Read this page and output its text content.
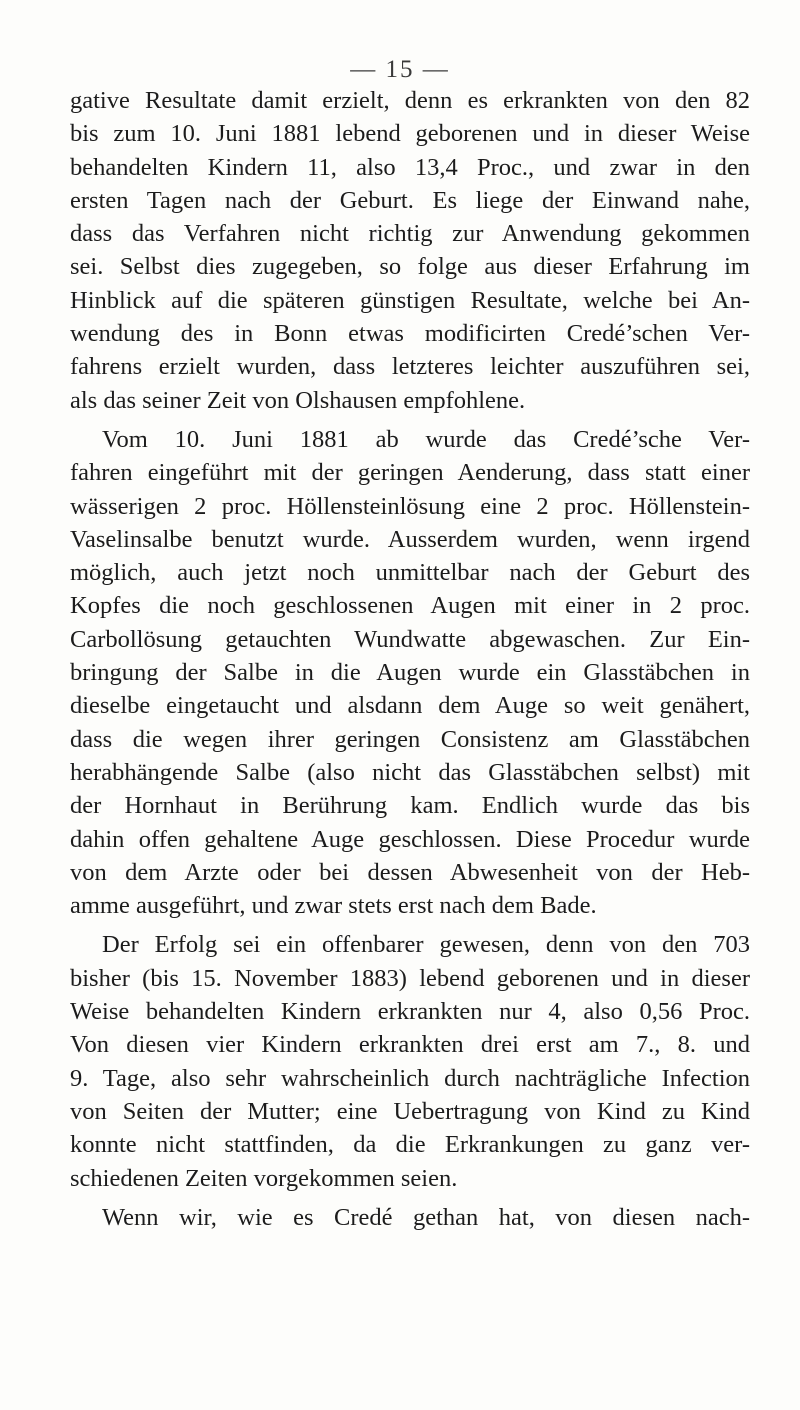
— 15 —
gative Resultate damit erzielt, denn es erkrankten von den 82
bis zum 10. Juni 1881 lebend geborenen und in dieser Weise
behandelten Kindern 11, also 13,4 Proc., und zwar in den
ersten Tagen nach der Geburt. Es liege der Einwand nahe,
dass das Verfahren nicht richtig zur Anwendung gekommen
sei. Selbst dies zugegeben, so folge aus dieser Erfahrung im
Hinblick auf die späteren günstigen Resultate, welche bei An-
wendung des in Bonn etwas modificirten Credé’schen Ver-
fahrens erzielt wurden, dass letzteres leichter auszuführen sei,
als das seiner Zeit von Olshausen empfohlene.
Vom 10. Juni 1881 ab wurde das Credé’sche Ver-
fahren eingeführt mit der geringen Aenderung, dass statt einer
wässerigen 2 proc. Höllensteinlösung eine 2 proc. Höllenstein-
Vaselinsalbe benutzt wurde. Ausserdem wurden, wenn irgend
möglich, auch jetzt noch unmittelbar nach der Geburt des
Kopfes die noch geschlossenen Augen mit einer in 2 proc.
Carbollösung getauchten Wundwatte abgewaschen. Zur Ein-
bringung der Salbe in die Augen wurde ein Glasstäbchen in
dieselbe eingetaucht und alsdann dem Auge so weit genähert,
dass die wegen ihrer geringen Consistenz am Glasstäbchen
herabhängende Salbe (also nicht das Glasstäbchen selbst) mit
der Hornhaut in Berührung kam. Endlich wurde das bis
dahin offen gehaltene Auge geschlossen. Diese Procedur wurde
von dem Arzte oder bei dessen Abwesenheit von der Heb-
amme ausgeführt, und zwar stets erst nach dem Bade.
Der Erfolg sei ein offenbarer gewesen, denn von den 703
bisher (bis 15. November 1883) lebend geborenen und in dieser
Weise behandelten Kindern erkrankten nur 4, also 0,56 Proc.
Von diesen vier Kindern erkrankten drei erst am 7., 8. und
9. Tage, also sehr wahrscheinlich durch nachträgliche Infection
von Seiten der Mutter; eine Uebertragung von Kind zu Kind
konnte nicht stattfinden, da die Erkrankungen zu ganz ver-
schiedenen Zeiten vorgekommen seien.
Wenn wir, wie es Credé gethan hat, von diesen nach-
